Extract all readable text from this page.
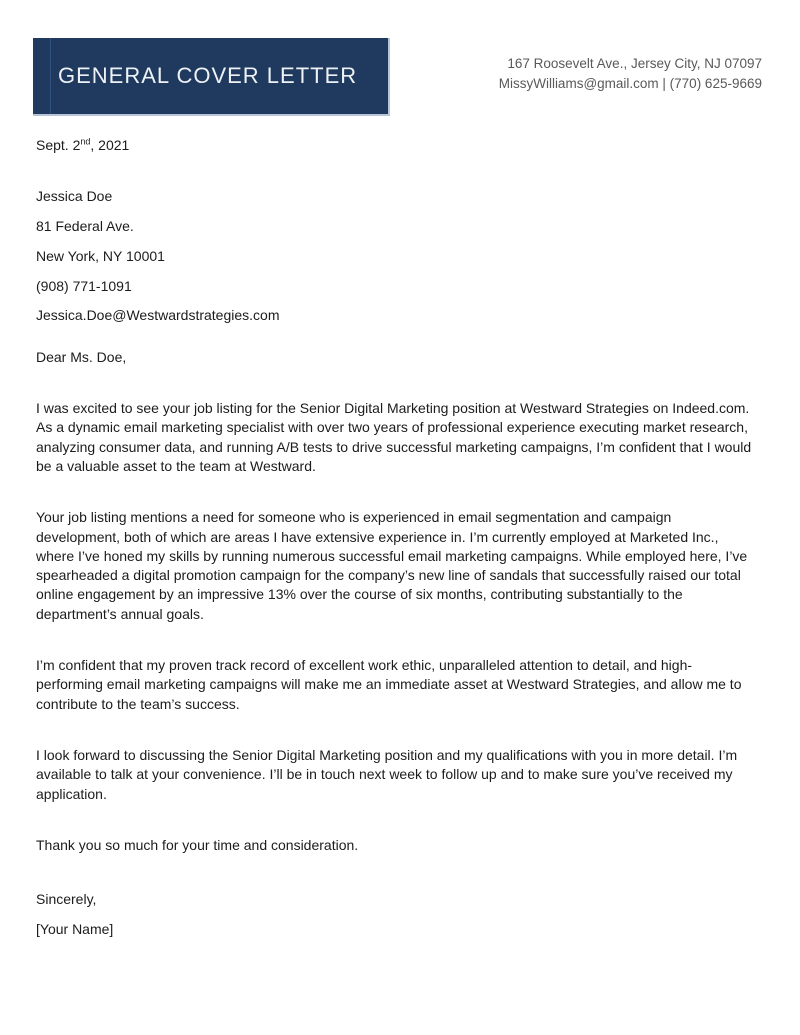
GENERAL COVER LETTER	167 Roosevelt Ave., Jersey City, NJ 07097
MissyWilliams@gmail.com | (770) 625-9669

Sept. 2nd, 2021

Jessica Doe

81 Federal Ave.

New York, NY 10001

(908) 771-1091

Jessica.Doe@Westwardstrategies.com

Dear Ms. Doe,

I was excited to see your job listing for the Senior Digital Marketing position at Westward Strategies on Indeed.com. As a dynamic email marketing specialist with over two years of professional experience executing market research, analyzing consumer data, and running A/B tests to drive successful marketing campaigns, I’m confident that I would be a valuable asset to the team at Westward.

Your job listing mentions a need for someone who is experienced in email segmentation and campaign development, both of which are areas I have extensive experience in. I’m currently employed at Marketed Inc., where I’ve honed my skills by running numerous successful email marketing campaigns. While employed here, I’ve spearheaded a digital promotion campaign for the company’s new line of sandals that successfully raised our total online engagement by an impressive 13% over the course of six months, contributing substantially to the department’s annual goals.

I’m confident that my proven track record of excellent work ethic, unparalleled attention to detail, and high-performing email marketing campaigns will make me an immediate asset at Westward Strategies, and allow me to contribute to the team’s success.

I look forward to discussing the Senior Digital Marketing position and my qualifications with you in more detail. I’m available to talk at your convenience. I’ll be in touch next week to follow up and to make sure you’ve received my application.

Thank you so much for your time and consideration.

Sincerely,

[Your Name]
